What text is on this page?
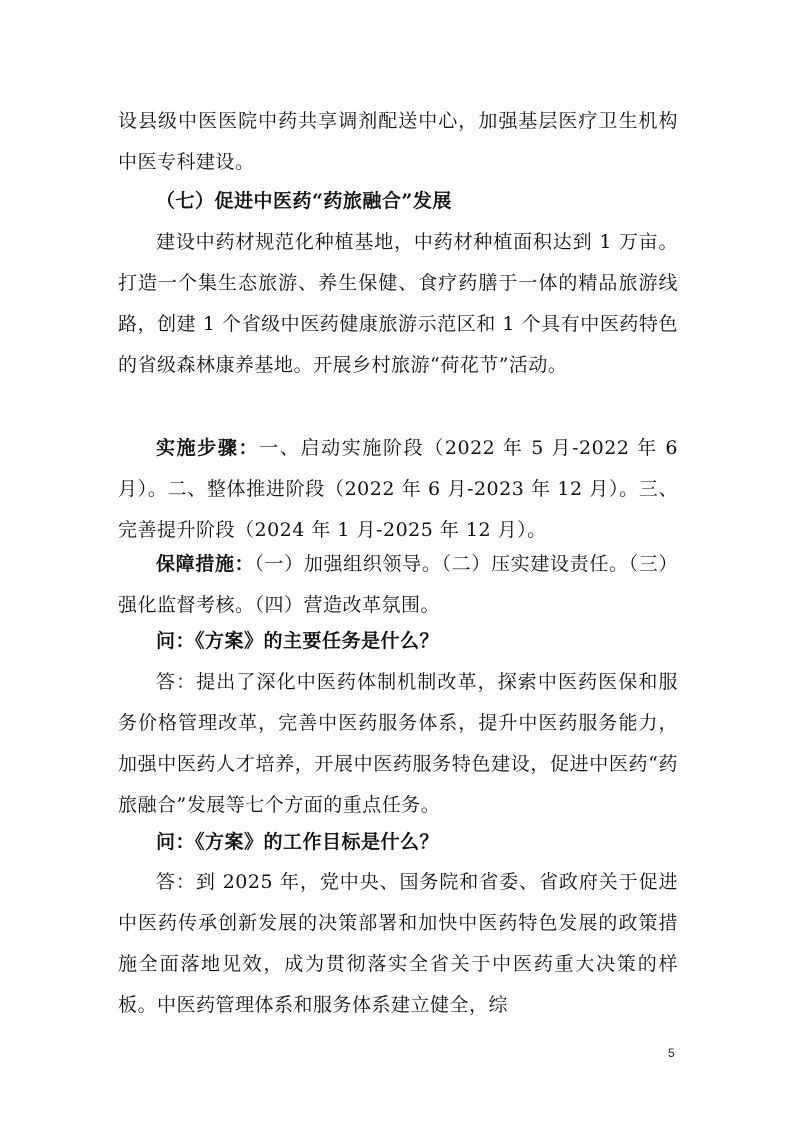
设县级中医医院中药共享调剂配送中心，加强基层医疗卫生机构中医专科建设。

（七）促进中医药“药旅融合”发展

建设中药材规范化种植基地，中药材种植面积达到 1 万亩。打造一个集生态旅游、养生保健、食疗药膳于一体的精品旅游线路，创建 1 个省级中医药健康旅游示范区和 1 个具有中医药特色的省级森林康养基地。开展乡村旅游“荷花节”活动。

实施步骤：一、启动实施阶段（2022 年 5 月-2022 年 6 月）。二、整体推进阶段（2022 年 6 月-2023 年 12 月）。三、完善提升阶段（2024 年 1 月-2025 年 12 月）。

保障措施：（一）加强组织领导。（二）压实建设责任。（三）强化监督考核。（四）营造改革氛围。

问：《方案》的主要任务是什么？

答：提出了深化中医药体制机制改革，探索中医药医保和服务价格管理改革，完善中医药服务体系，提升中医药服务能力，加强中医药人才培养，开展中医药服务特色建设，促进中医药“药旅融合”发展等七个方面的重点任务。

问：《方案》的工作目标是什么？

答：到 2025 年，党中央、国务院和省委、省政府关于促进中医药传承创新发展的决策部署和加快中医药特色发展的政策措施全面落地见效，成为贯彻落实全省关于中医药重大决策的样板。中医药管理体系和服务体系建立健全，综

5
